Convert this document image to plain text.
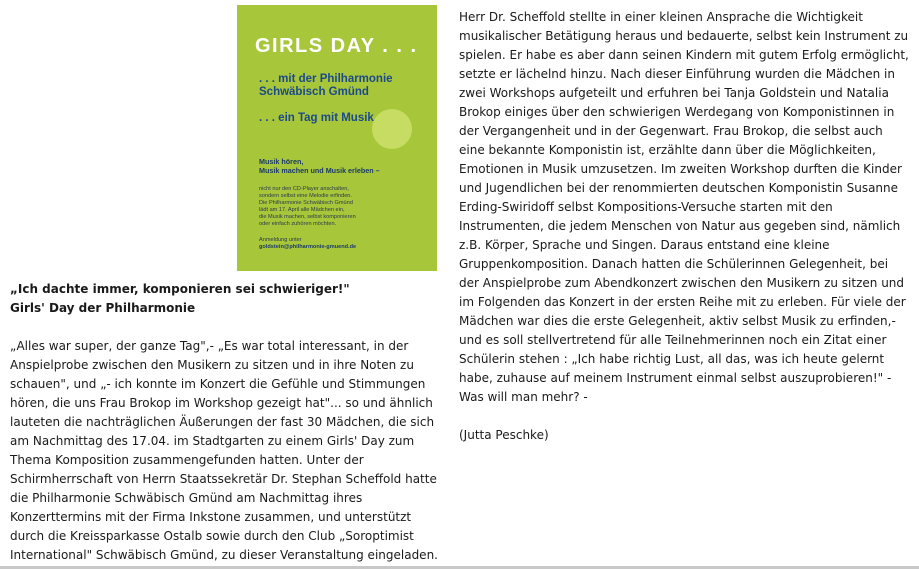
GIRLS DAY . . .
. . . mit der Philharmonie
Schwäbisch Gmünd
. . . ein Tag mit Musik
Musik hören,
Musik machen und Musik erleben –
nicht nur den CD-Player anschalten,
sondern selbst eine Melodie erfinden.
Die Philharmonie Schwäbisch Gmünd
lädt am 17. April alle Mädchen ein,
die Musik machen, selbst komponieren
oder einfach zuhören möchten.
Anmeldung unter
goldstein@philharmonie-gmuend.de
„Ich dachte immer, komponieren sei schwieriger!"
Girls' Day der Philharmonie
„Alles war super, der ganze Tag",- „Es war total interessant, in der Anspielprobe zwischen den Musikern zu sitzen und in ihre Noten zu schauen", und „- ich konnte im Konzert die Gefühle und Stimmungen hören, die uns Frau Brokop im Workshop gezeigt hat"... so und ähnlich lauteten die nachträglichen Äußerungen der fast 30 Mädchen, die sich am Nachmittag des 17.04. im Stadtgarten zu einem Girls' Day zum Thema Komposition zusammengefunden hatten. Unter der Schirmherrschaft von Herrn Staatssekretär Dr. Stephan Scheffold hatte die Philharmonie Schwäbisch Gmünd am Nachmittag ihres Konzerttermins mit der Firma Inkstone zusammen, und unterstützt durch die Kreissparkasse Ostalb sowie durch den Club „Soroptimist International" Schwäbisch Gmünd, zu dieser Veranstaltung eingeladen.
Herr Dr. Scheffold stellte in einer kleinen Ansprache die Wichtigkeit musikalischer Betätigung heraus und bedauerte, selbst kein Instrument zu spielen. Er habe es aber dann seinen Kindern mit gutem Erfolg ermöglicht, setzte er lächelnd hinzu. Nach dieser Einführung wurden die Mädchen in zwei Workshops aufgeteilt und erfuhren bei Tanja Goldstein und Natalia Brokop einiges über den schwierigen Werdegang von Komponistinnen in der Vergangenheit und in der Gegenwart. Frau Brokop, die selbst auch eine bekannte Komponistin ist, erzählte dann über die Möglichkeiten, Emotionen in Musik umzusetzen. Im zweiten Workshop durften die Kinder und Jugendlichen bei der renommierten deutschen Komponistin Susanne Erding-Swiridoff selbst Kompositions-Versuche starten mit den Instrumenten, die jedem Menschen von Natur aus gegeben sind, nämlich z.B. Körper, Sprache und Singen. Daraus entstand eine kleine Gruppenkomposition. Danach hatten die Schülerinnen Gelegenheit, bei der Anspielprobe zum Abendkonzert zwischen den Musikern zu sitzen und im Folgenden das Konzert in der ersten Reihe mit zu erleben. Für viele der Mädchen war dies die erste Gelegenheit, aktiv selbst Musik zu erfinden,- und es soll stellvertretend für alle Teilnehmerinnen noch ein Zitat einer Schülerin stehen : „Ich habe richtig Lust, all das, was ich heute gelernt habe, zuhause auf meinem Instrument einmal selbst auszuprobieren!" - Was will man mehr? -
(Jutta Peschke)
